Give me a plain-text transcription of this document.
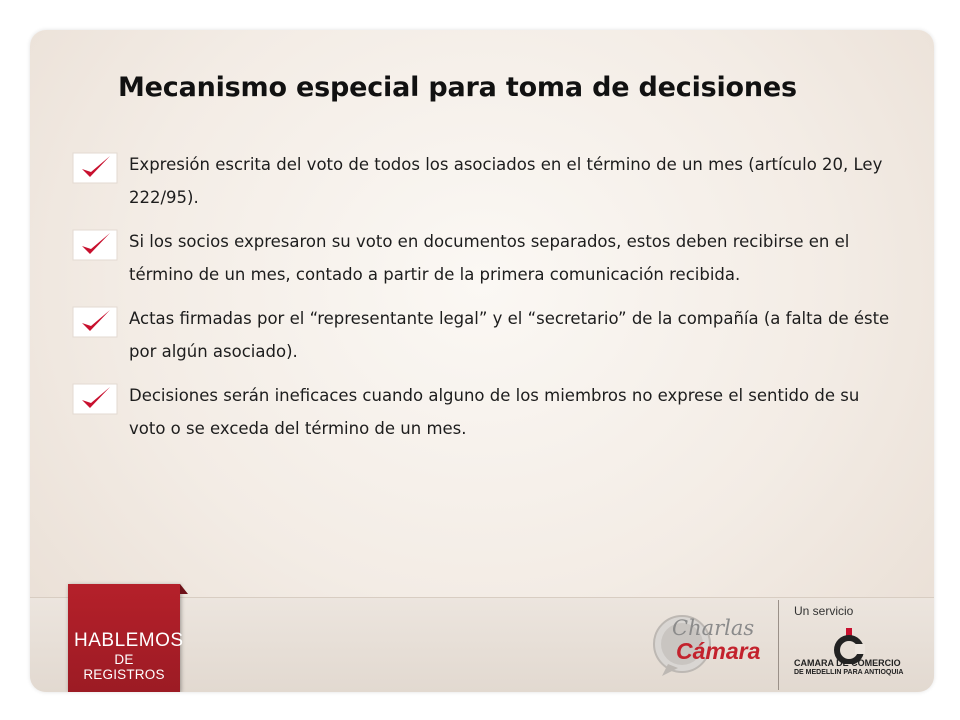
Mecanismo especial para toma de decisiones
Expresión escrita del voto de todos los asociados en el término de un mes (artículo 20, Ley 222/95).
Si los socios expresaron su voto en documentos separados, estos deben recibirse en el término de un mes, contado a partir de la primera comunicación recibida.
Actas firmadas por el “representante legal” y el “secretario” de la compañía (a falta de éste por algún asociado).
Decisiones serán ineficaces cuando alguno de los miembros no exprese el sentido de su voto o se exceda del término de un mes.
HABLEMOS
DE REGISTROS
Charlas
Cámara
Un servicio
CAMARA DE COMERCIO
DE MEDELLIN PARA ANTIOQUIA
